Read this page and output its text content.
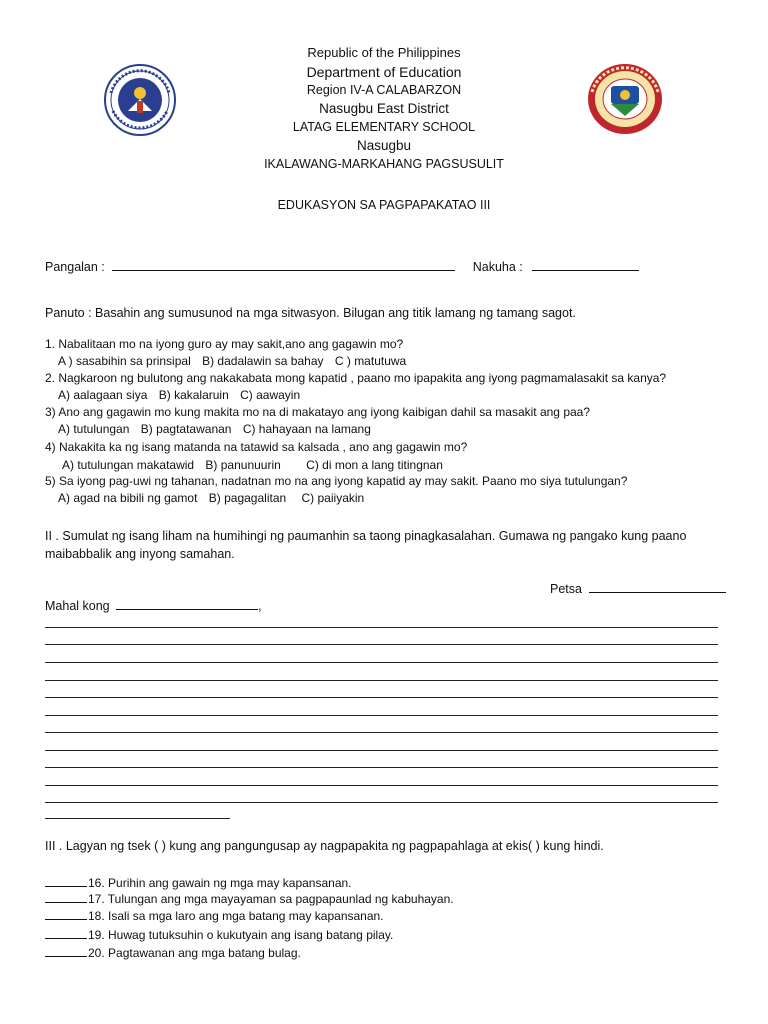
Republic of the Philippines
Department of Education
Region IV-A CALABARZON
Nasugbu East District
LATAG ELEMENTARY SCHOOL
Nasugbu
IKALAWANG-MARKAHANG PAGSUSULIT
EDUKASYON SA PAGPAPAKATAO III
Pangalan :	Nakuha :
Panuto : Basahin ang sumusunod na mga sitwasyon. Bilugan ang titik lamang ng tamang sagot.
1. Nabalitaan mo na iyong guro ay may sakit,ano ang gagawin mo?
A ) sasabihin sa prinsipal B) dadalawin sa bahay C ) matutuwa
2. Nagkaroon ng bulutong ang nakakabata mong kapatid , paano mo ipapakita ang iyong pagmamalasakit sa kanya?
A) aalagaan siya B) kakalaruin C) aawayin
3) Ano ang gagawin mo kung makita mo na di makatayo ang iyong kaibigan dahil sa masakit ang paa?
A) tutulungan B) pagtatawanan C) hahayaan na lamang
4) Nakakita ka ng isang matanda na tatawid sa kalsada , ano ang gagawin mo?
A) tutulungan makatawid B) panunuurin C) di mon a lang titingnan
5) Sa iyong pag-uwi ng tahanan, nadatnan mo na ang iyong kapatid ay may sakit. Paano mo siya tutulungan?
A) agad na bibili ng gamot B) pagagalitan C) paiiyakin
II . Sumulat ng isang liham na humihingi ng paumanhin sa taong pinagkasalahan. Gumawa ng pangako kung paano
maibabbalik ang inyong samahan.
Petsa
Mahal kong	,
III . Lagyan ng tsek ( ) kung ang pangungusap ay nagpapakita ng pagpapahlaga at ekis( ) kung hindi.
16. Purihin ang gawain ng mga may kapansanan.
17. Tulungan ang mga mayayaman sa pagpapaunlad ng kabuhayan.
18. Isali sa mga laro ang mga batang may kapansanan.
19. Huwag tutuksuhin o kukutyain ang isang batang pilay.
20. Pagtawanan ang mga batang bulag.
